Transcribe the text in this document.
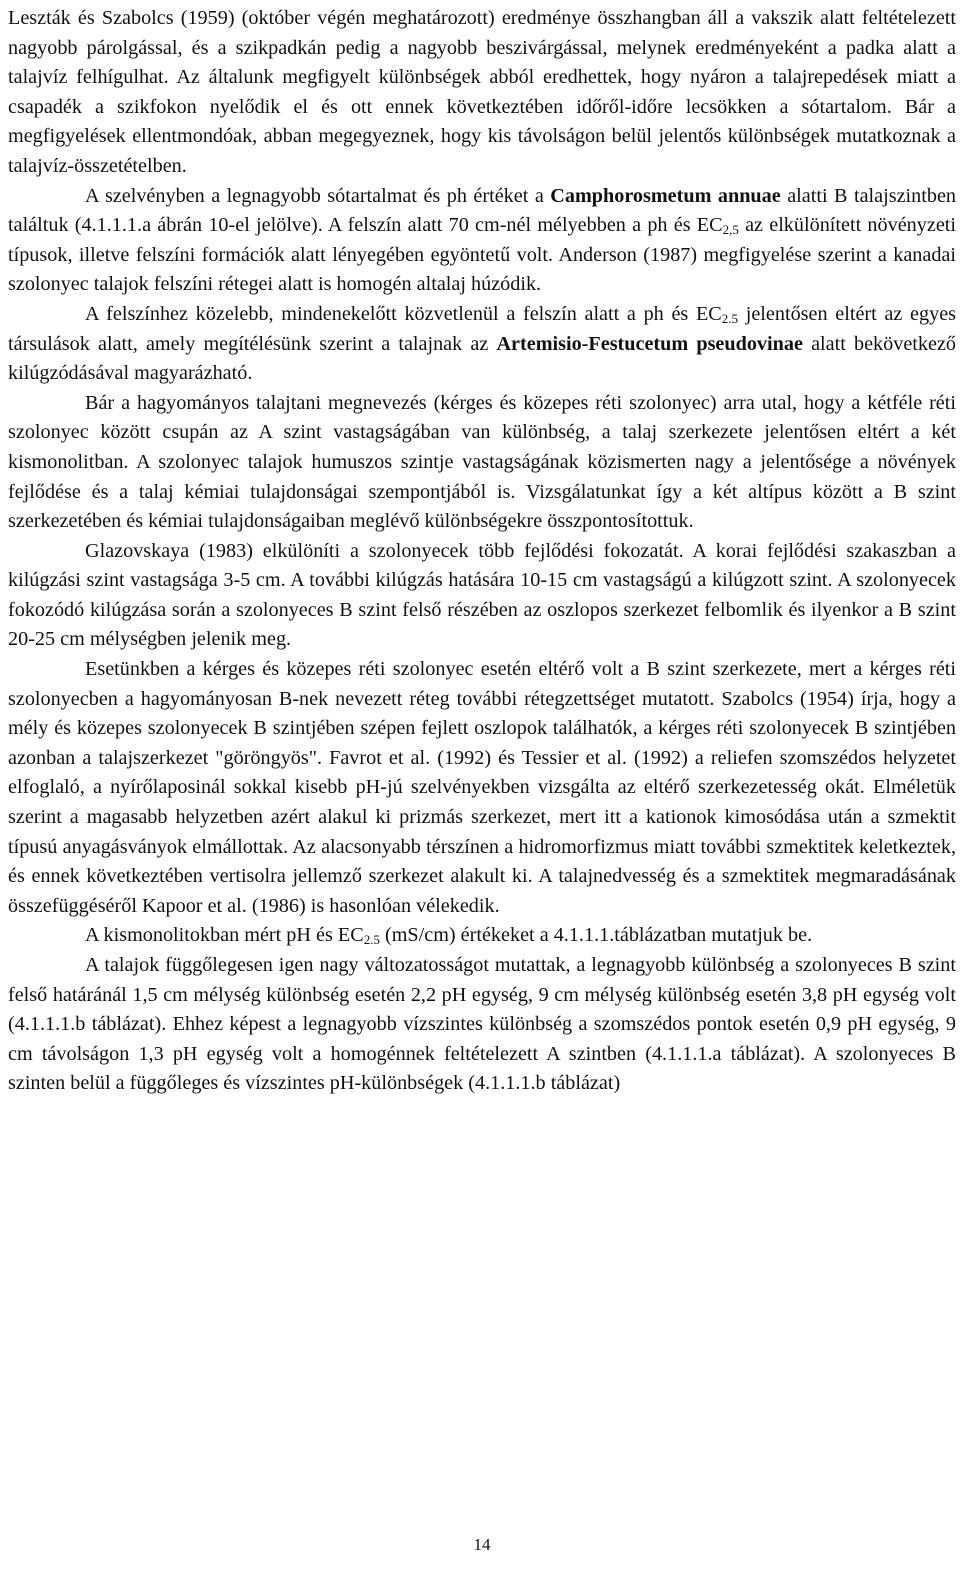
Leszták és Szabolcs (1959) (október végén meghatározott) eredménye összhangban áll a vakszik alatt feltételezett nagyobb párolgással, és a szikpadkán pedig a nagyobb beszivárgással, melynek eredményeként a padka alatt a talajvíz felhígulhat. Az általunk megfigyelt különbségek abból eredhettek, hogy nyáron a talajrepedések miatt a csapadék a szikfokon nyelődik el és ott ennek következtében időről-időre lecsökken a sótartalom. Bár a megfigyelések ellentmondóak, abban megegyeznek, hogy kis távolságon belül jelentős különbségek mutatkoznak a talajvíz-összetételben.

A szelvényben a legnagyobb sótartalmat és ph értéket a Camphorosmetum annuae alatti B talajszintben találtuk (4.1.1.1.a ábrán 10-el jelölve). A felszín alatt 70 cm-nél mélyebben a ph és $EC_{2,5}$ az elkülönített növényzeti típusok, illetve felszíni formációk alatt lényegében egyöntetű volt. Anderson (1987) megfigyelése szerint a kanadai szolonyec talajok felszíni rétegei alatt is homogén altalaj húzódik.

A felszínhez közelebb, mindenekelőtt közvetlenül a felszín alatt a ph és $EC_{2.5}$ jelentősen eltért az egyes társulások alatt, amely megítélésünk szerint a talajnak az Artemisio-Festucetum pseudovinae alatt bekövetkező kilúgzódásával magyarázható.

Bár a hagyományos talajtani megnevezés (kérges és közepes réti szolonyec) arra utal, hogy a kétféle réti szolonyec között csupán az A szint vastagságában van különbség, a talaj szerkezete jelentősen eltért a két kismonolitban. A szolonyec talajok humuszos szintje vastagságának közismerten nagy a jelentősége a növények fejlődése és a talaj kémiai tulajdonságai szempontjából is. Vizsgálatunkat így a két altípus között a B szint szerkezetében és kémiai tulajdonságaiban meglévő különbségekre összpontosítottuk.

Glazovskaya (1983) elkülöníti a szolonyecek több fejlődési fokozatát. A korai fejlődési szakaszban a kilúgzási szint vastagsága 3-5 cm. A további kilúgzás hatására 10-15 cm vastagságú a kilúgzott szint. A szolonyecek fokozódó kilúgzása során a szolonyeces B szint felső részében az oszlopos szerkezet felbomlik és ilyenkor a B szint 20-25 cm mélységben jelenik meg.

Esetünkben a kérges és közepes réti szolonyec esetén eltérő volt a B szint szerkezete, mert a kérges réti szolonyecben a hagyományosan B-nek nevezett réteg további rétegzettséget mutatott. Szabolcs (1954) írja, hogy a mély és közepes szolonyecek B szintjében szépen fejlett oszlopok találhatók, a kérges réti szolonyecek B szintjében azonban a talajszerkezet "göröngyös". Favrot et al. (1992) és Tessier et al. (1992) a reliefen szomszédos helyzetet elfoglaló, a nyírőlaposinál sokkal kisebb pH-jú szelvényekben vizsgálta az eltérő szerkezetesség okát. Elméletük szerint a magasabb helyzetben azért alakul ki prizmás szerkezet, mert itt a kationok kimosódása után a szmektit típusú anyagásványok elmállottak. Az alacsonyabb térszínen a hidromorfizmus miatt további szmektitek keletkeztek, és ennek következtében vertisolra jellemző szerkezet alakult ki. A talajnedvesség és a szmektitek megmaradásának összefüggéséről Kapoor et al. (1986) is hasonlóan vélekedik.

A kismonolitokban mért pH és $EC_{2.5}$ (mS/cm) értékeket a 4.1.1.1.táblázatban mutatjuk be.

A talajok függőlegesen igen nagy változatosságot mutattak, a legnagyobb különbség a szolonyeces B szint felső határánál 1,5 cm mélység különbség esetén 2,2 pH egység, 9 cm mélység különbség esetén 3,8 pH egység volt (4.1.1.1.b táblázat). Ehhez képest a legnagyobb vízszintes különbség a szomszédos pontok esetén 0,9 pH egység, 9 cm távolságon 1,3 pH egység volt a homogénnek feltételezett A szintben (4.1.1.1.a táblázat). A szolonyeces B szinten belül a függőleges és vízszintes pH-különbségek (4.1.1.1.b táblázat)

14
